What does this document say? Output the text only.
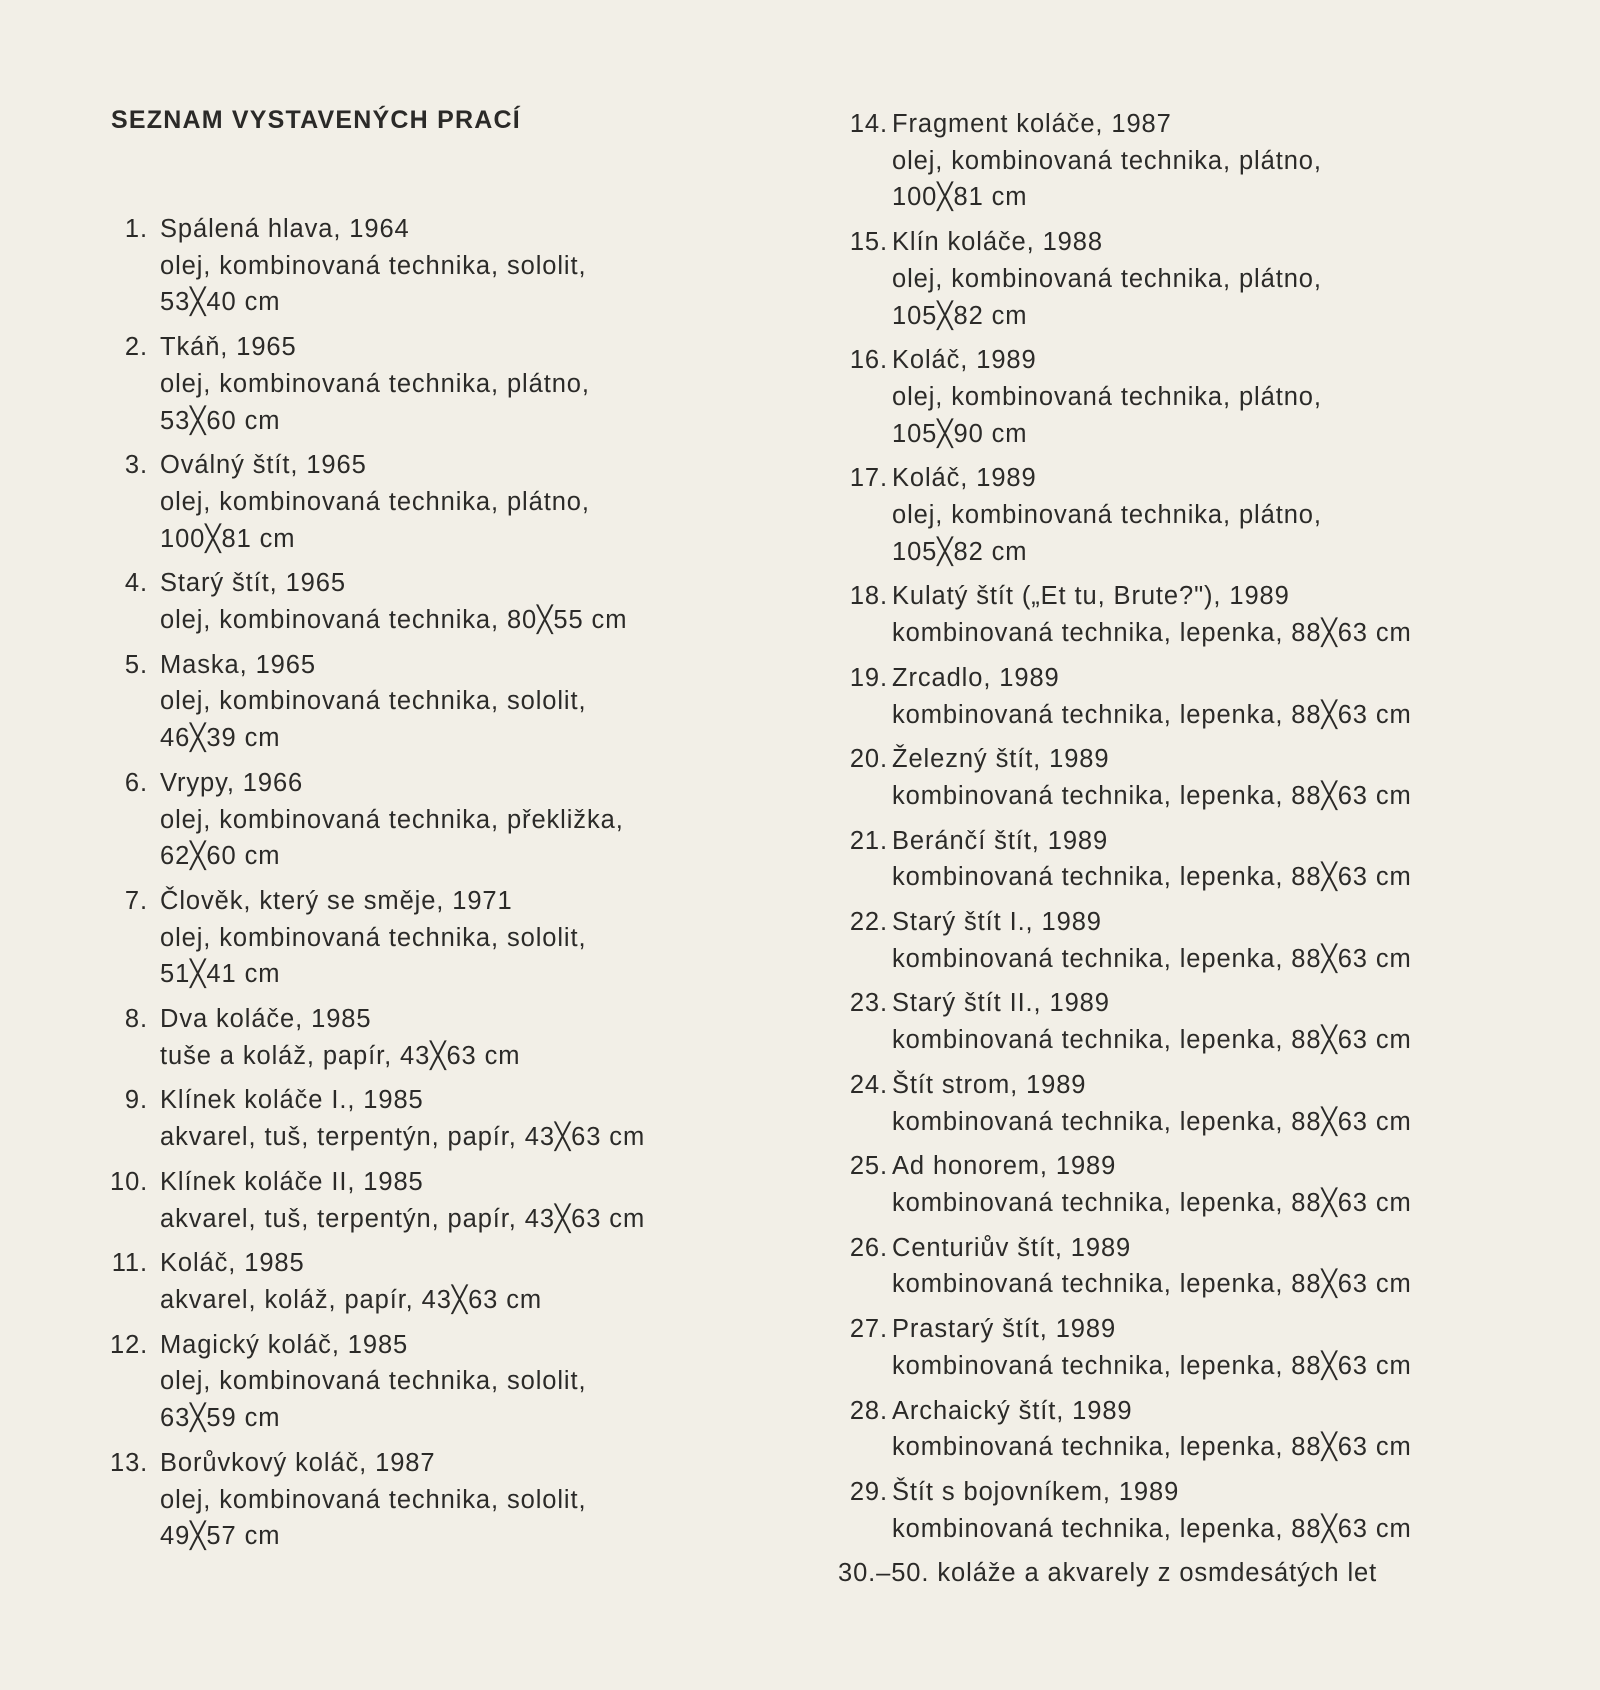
SEZNAM VYSTAVENÝCH PRACÍ
1. Spálená hlava, 1964
olej, kombinovaná technika, sololit,
53╳40 cm
2. Tkáň, 1965
olej, kombinovaná technika, plátno,
53╳60 cm
3. Oválný štít, 1965
olej, kombinovaná technika, plátno,
100╳81 cm
4. Starý štít, 1965
olej, kombinovaná technika, 80╳55 cm
5. Maska, 1965
olej, kombinovaná technika, sololit,
46╳39 cm
6. Vrypy, 1966
olej, kombinovaná technika, překližka,
62╳60 cm
7. Člověk, který se směje, 1971
olej, kombinovaná technika, sololit,
51╳41 cm
8. Dva koláče, 1985
tuše a koláž, papír, 43╳63 cm
9. Klínek koláče I., 1985
akvarel, tuš, terpentýn, papír, 43╳63 cm
10. Klínek koláče II, 1985
akvarel, tuš, terpentýn, papír, 43╳63 cm
11. Koláč, 1985
akvarel, koláž, papír, 43╳63 cm
12. Magický koláč, 1985
olej, kombinovaná technika, sololit,
63╳59 cm
13. Borůvkový koláč, 1987
olej, kombinovaná technika, sololit,
49╳57 cm
14. Fragment koláče, 1987
olej, kombinovaná technika, plátno,
100╳81 cm
15. Klín koláče, 1988
olej, kombinovaná technika, plátno,
105╳82 cm
16. Koláč, 1989
olej, kombinovaná technika, plátno,
105╳90 cm
17. Koláč, 1989
olej, kombinovaná technika, plátno,
105╳82 cm
18. Kulatý štít („Et tu, Brute?"), 1989
kombinovaná technika, lepenka, 88╳63 cm
19. Zrcadlo, 1989
kombinovaná technika, lepenka, 88╳63 cm
20. Železný štít, 1989
kombinovaná technika, lepenka, 88╳63 cm
21. Beránčí štít, 1989
kombinovaná technika, lepenka, 88╳63 cm
22. Starý štít I., 1989
kombinovaná technika, lepenka, 88╳63 cm
23. Starý štít II., 1989
kombinovaná technika, lepenka, 88╳63 cm
24. Štít strom, 1989
kombinovaná technika, lepenka, 88╳63 cm
25. Ad honorem, 1989
kombinovaná technika, lepenka, 88╳63 cm
26. Centuriův štít, 1989
kombinovaná technika, lepenka, 88╳63 cm
27. Prastarý štít, 1989
kombinovaná technika, lepenka, 88╳63 cm
28. Archaický štít, 1989
kombinovaná technika, lepenka, 88╳63 cm
29. Štít s bojovníkem, 1989
kombinovaná technika, lepenka, 88╳63 cm
30.–50. koláže a akvarely z osmdesátých let
